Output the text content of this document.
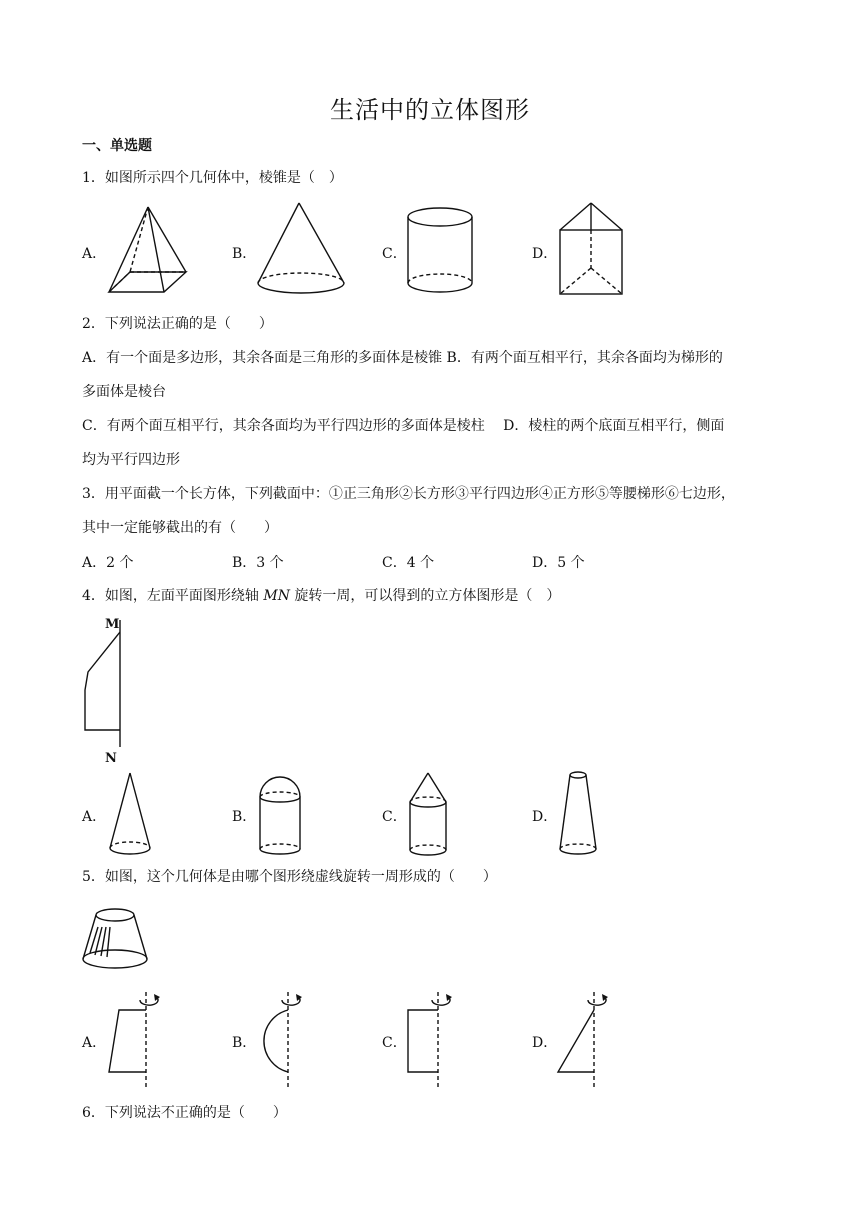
生活中的立体图形
一、单选题
1．如图所示四个几何体中，棱锥是（　）
A．	B．	C．	D．
2．下列说法正确的是（　　）
A．有一个面是多边形，其余各面是三角形的多面体是棱锥 B．有两个面互相平行，其余各面均为梯形的
多面体是棱台
C．有两个面互相平行，其余各面均为平行四边形的多面体是棱柱　 D．棱柱的两个底面互相平行，侧面
均为平行四边形
3．用平面截一个长方体，下列截面中：①正三角形②长方形③平行四边形④正方形⑤等腰梯形⑥七边形，
其中一定能够截出的有（　　）
A．2 个	B．3 个	C．4 个	D．5 个
4．如图，左面平面图形绕轴 MN 旋转一周，可以得到的立方体图形是（　）
M
N
A．	B．	C．	D．
5．如图，这个几何体是由哪个图形绕虚线旋转一周形成的（　　）
A．	B．	C．	D．
6．下列说法不正确的是（　　）
